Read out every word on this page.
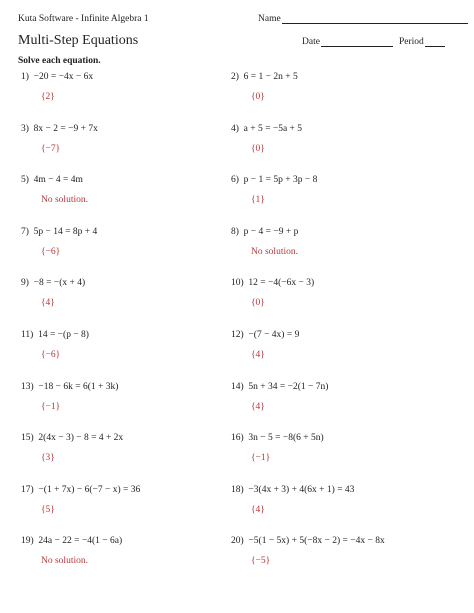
Kuta Software - Infinite Algebra 1	Name
Multi-Step Equations	Date	Period
Solve each equation.
1) −20 = −4x − 6x
{2}
2) 6 = 1 − 2n + 5
{0}
3) 8x − 2 = −9 + 7x
{−7}
4) a + 5 = −5a + 5
{0}
5) 4m − 4 = 4m
No solution.
6) p − 1 = 5p + 3p − 8
{1}
7) 5p − 14 = 8p + 4
{−6}
8) p − 4 = −9 + p
No solution.
9) −8 = −(x + 4)
{4}
10) 12 = −4(−6x − 3)
{0}
11) 14 = −(p − 8)
{−6}
12) −(7 − 4x) = 9
{4}
13) −18 − 6k = 6(1 + 3k)
{−1}
14) 5n + 34 = −2(1 − 7n)
{4}
15) 2(4x − 3) − 8 = 4 + 2x
{3}
16) 3n − 5 = −8(6 + 5n)
{−1}
17) −(1 + 7x) − 6(−7 − x) = 36
{5}
18) −3(4x + 3) + 4(6x + 1) = 43
{4}
19) 24a − 22 = −4(1 − 6a)
No solution.
20) −5(1 − 5x) + 5(−8x − 2) = −4x − 8x
{−5}
